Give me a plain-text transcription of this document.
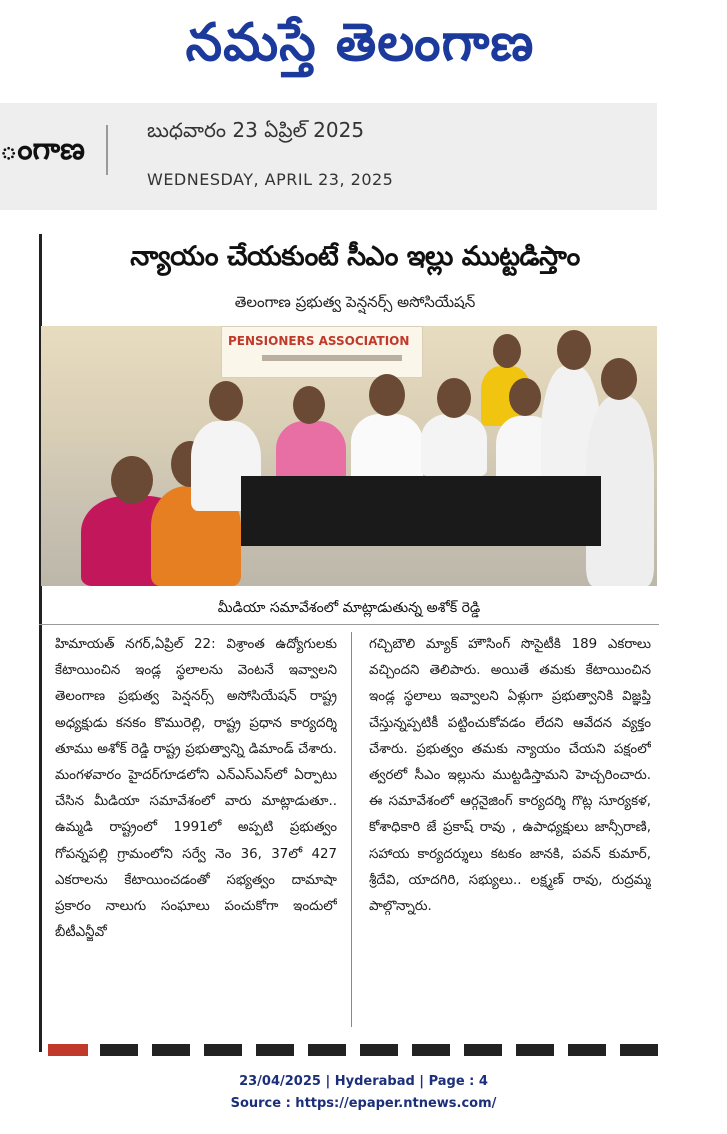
నమస్తే తెలంగాణ
ంగాణ
బుధవారం 23 ఏప్రిల్ 2025
WEDNESDAY, APRIL 23, 2025
న్యాయం చేయకుంటే సీఎం ఇల్లు ముట్టడిస్తాం
తెలంగాణ ప్రభుత్వ పెన్షనర్స్ అసోసియేషన్
PENSIONERS ASSOCIATION
మీడియా సమావేశంలో మాట్లాడుతున్న అశోక్ రెడ్డి
హిమాయత్ నగర్,ఏప్రిల్ 22: విశ్రాంత ఉద్యోగులకు కేటాయించిన ఇండ్ల స్థలాలను వెంటనే ఇవ్వాలని తెలంగాణ ప్రభుత్వ పెన్షనర్స్ అసోసియేషన్ రాష్ట్ర అధ్యక్షుడు కనకం కొమురెల్లి, రాష్ట్ర ప్రధాన కార్యదర్శి తూము అశోక్ రెడ్డి రాష్ట్ర ప్రభుత్వాన్ని డిమాండ్ చేశారు. మంగళవారం హైదర్‌గూడలోని ఎన్‌ఎస్‌ఎస్‌లో ఏర్పాటు చేసిన మీడియా సమావేశంలో వారు మాట్లాడుతూ.. ఉమ్మడి రాష్ట్రంలో 1991లో అప్పటి ప్రభుత్వం గోపన్నపల్లి గ్రామంలోని సర్వే నెం 36, 37లో 427 ఎకరాలను కేటాయించడంతో సభ్యత్వం దామాషా ప్రకారం నాలుగు సంఘాలు పంచుకోగా ఇందులో బీటీఎన్జీవో
గచ్చిబౌలి మ్యాక్ హౌసింగ్ సొసైటీకి 189 ఎకరాలు వచ్చిందని తెలిపారు. అయితే తమకు కేటాయించిన ఇండ్ల స్థలాలు ఇవ్వాలని ఏళ్లుగా ప్రభుత్వానికి విజ్ఞప్తి చేస్తున్నప్పటికీ పట్టించుకోవడం లేదని ఆవేదన వ్యక్తం చేశారు. ప్రభుత్వం తమకు న్యాయం చేయని పక్షంలో త్వరలో సీఎం ఇల్లును ముట్టడిస్తామని హెచ్చరించారు. ఈ సమావేశంలో ఆర్గనైజింగ్ కార్యదర్శి గొట్ల సూర్యకళ, కోశాధికారి జే ప్రకాష్ రావు , ఉపాధ్యక్షులు జాన్సీరాణి, సహాయ కార్యదర్శులు కటకం జానకి, పవన్ కుమార్, శ్రీదేవి, యాదగిరి, సభ్యులు.. లక్ష్మణ్ రావు, రుద్రమ్మ పాల్గొన్నారు.
23/04/2025 | Hyderabad | Page : 4
Source : https://epaper.ntnews.com/
